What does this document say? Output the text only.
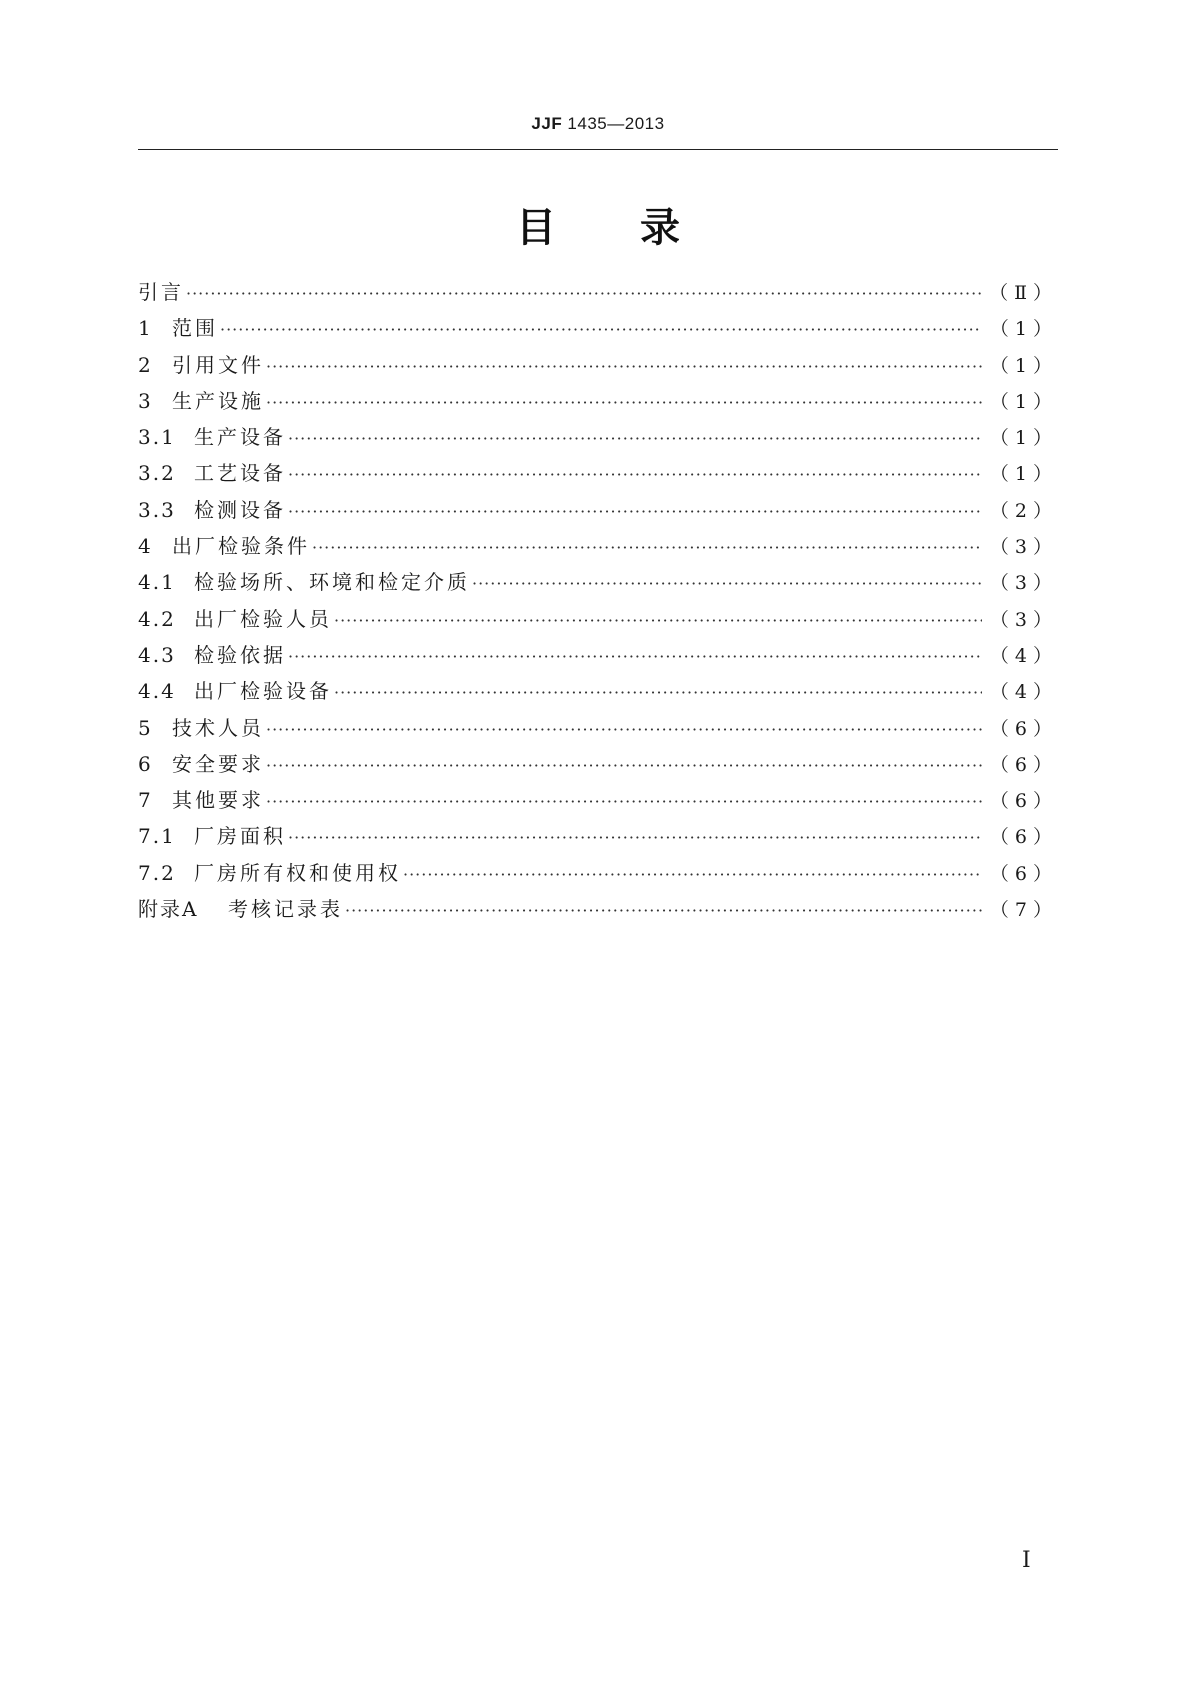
JJF 1435—2013
目录
引言 ·····	（Ⅱ）
1 范围 ·····	（1）
2 引用文件 ·····	（1）
3 生产设施 ·····	（1）
3.1 生产设备 ·····	（1）
3.2 工艺设备 ·····	（1）
3.3 检测设备 ·····	（2）
4 出厂检验条件 ·····	（3）
4.1 检验场所、环境和检定介质 ·····	（3）
4.2 出厂检验人员 ·····	（3）
4.3 检验依据 ·····	（4）
4.4 出厂检验设备 ·····	（4）
5 技术人员 ·····	（6）
6 安全要求 ·····	（6）
7 其他要求 ·····	（6）
7.1 厂房面积 ·····	（6）
7.2 厂房所有权和使用权 ·····	（6）
附录A	考核记录表 ·····	（7）
Ⅰ
